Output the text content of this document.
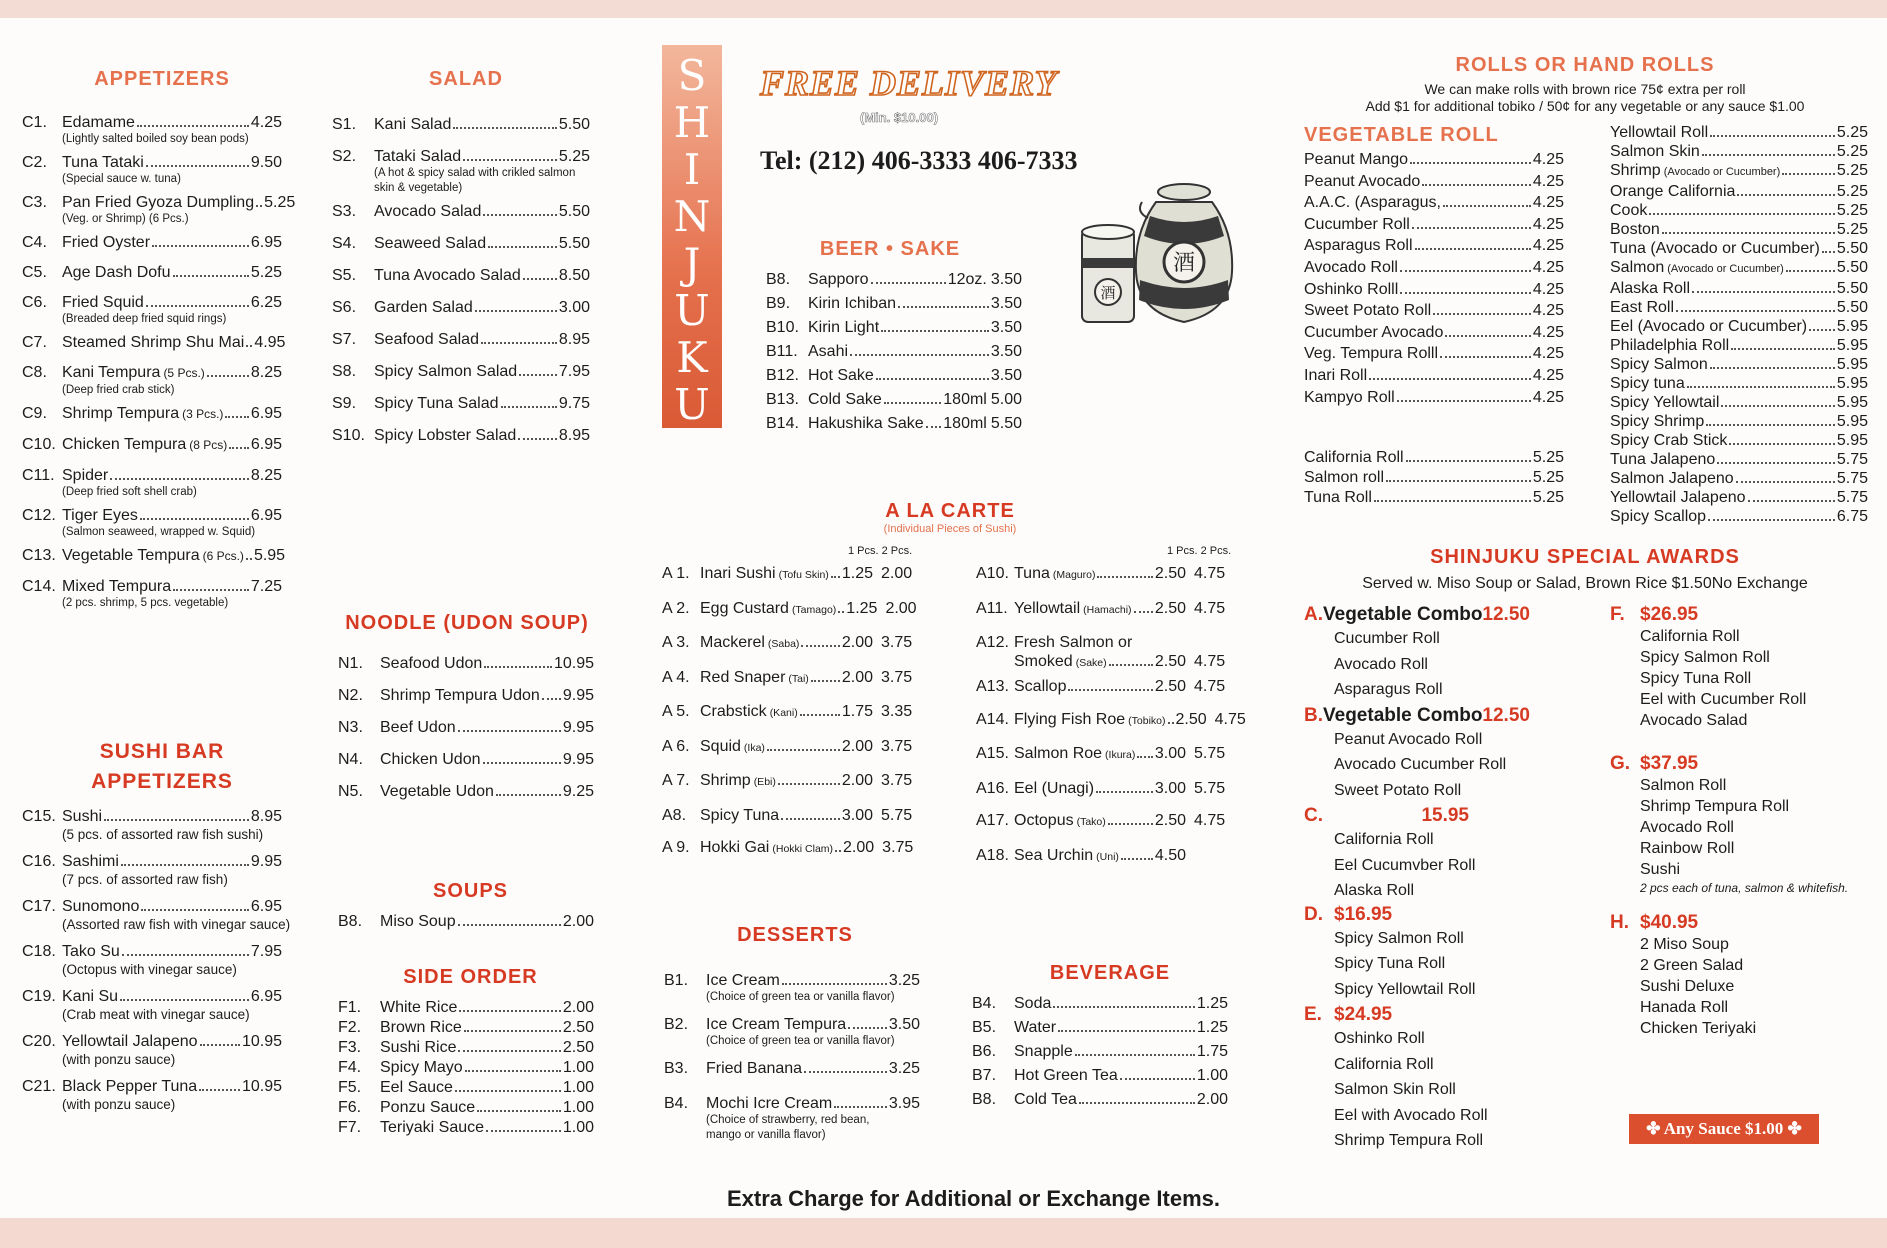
APPETIZERS
C1. Edamame	4.25
(Lightly salted boiled soy bean pods)
C2. Tuna Tataki	9.50
(Special sauce w. tuna)
C3. Pan Fried Gyoza Dumpling 5.25
(Veg. or Shrimp) (6 Pcs.)
C4. Fried Oyster	6.95
C5. Age Dash Dofu	5.25
C6. Fried Squid	6.25
(Breaded deep fried squid rings)
C7. Steamed Shrimp Shu Mai 4.95
C8. Kani Tempura (5 Pcs.)	8.25
(Deep fried crab stick)
C9. Shrimp Tempura (3 Pcs.) 6.95
C10. Chicken Tempura (8 Pcs) 6.95
C11. Spider	8.25
(Deep fried soft shell crab)
C12. Tiger Eyes	6.95
(Salmon seaweed, wrapped w. Squid)
C13. Vegetable Tempura (6 Pcs.) 5.95
C14. Mixed Tempura	7.25
(2 pcs. shrimp, 5 pcs. vegetable)
SUSHI BAR
APPETIZERS
C15. Sushi	8.95
(5 pcs. of assorted raw fish sushi)
C16. Sashimi	9.95
(7 pcs. of assorted raw fish)
C17. Sunomono	6.95
(Assorted raw fish with vinegar sauce)
C18. Tako Su	7.95
(Octopus with vinegar sauce)
C19. Kani Su	6.95
(Crab meat with vinegar sauce)
C20. Yellowtail Jalapeno	10.95
(with ponzu sauce)
C21. Black Pepper Tuna	10.95
(with ponzu sauce)
SALAD
S1.	Kani Salad	5.50
S2.	Tataki Salad	5.25
(A hot & spicy salad with crikled salmon
skin & vegetable)
S3.	Avocado Salad	5.50
S4.	Seaweed Salad	5.50
S5.	Tuna Avocado Salad 8.50
S6.	Garden Salad	3.00
S7.	Seafood Salad	8.95
S8.	Spicy Salmon Salad	7.95
S9.	Spicy Tuna Salad	9.75
S10. Spicy Lobster Salad	8.95
NOODLE (UDON SOUP)
N1.	Seafood Udon	10.95
N2.	Shrimp Tempura Udon 9.95
N3.	Beef Udon	9.95
N4.	Chicken Udon	9.95
N5.	Vegetable Udon	9.25
SOUPS
B8.	Miso Soup	2.00
SIDE ORDER
F1.	White Rice	2.00
F2.	Brown Rice	2.50
F3.	Sushi Rice	2.50
F4.	Spicy Mayo	1.00
F5.	Eel Sauce	1.00
F6.	Ponzu Sauce	1.00
F7.	Teriyaki Sauce	1.00
S
H
I
N
J
U
K
U
FREE DELIVERY
(Min. $10.00)
Tel: (212) 406-3333 406-7333
酒
酒
BEER • SAKE
B8.	Sapporo	12oz. 3.50
B9.	Kirin Ichiban	3.50
B10. Kirin Light	3.50
B11. Asahi	3.50
B12. Hot Sake	3.50
B13. Cold Sake	180ml 5.00
B14. Hakushika Sake 180ml 5.50
A LA CARTE
(Individual Pieces of Sushi)
1 Pcs. 2 Pcs.	1 Pcs. 2 Pcs.
A 1. Inari Sushi (Tofu Skin) 1.25 2.00
A 2. Egg Custard (Tamago) 1.25 2.00
A 3. Mackerel (Saba)	2.00 3.75
A 4. Red Snaper (Tai) 2.00 3.75
A 5. Crabstick (Kani)	1.75 3.35
A 6. Squid (Ika)	2.00 3.75
A 7. Shrimp (Ebi)	2.00 3.75
A8. Spicy Tuna	3.00 5.75
A 9. Hokki Gai (Hokki Clam) 2.00 3.75
A10. Tuna (Maguro)	2.50 4.75
A11. Yellowtail (Hamachi) 2.50 4.75
A12. Fresh Salmon or
Smoked (Sake)	2.50 4.75
A13. Scallop	2.50 4.75
A14. Flying Fish Roe (Tobiko) 2.50 4.75
A15. Salmon Roe (Ikura) 3.00 5.75
A16. Eel (Unagi)	3.00 5.75
A17. Octopus (Tako)	2.50 4.75
A18. Sea Urchin (Uni) 4.50
DESSERTS
B1.	Ice Cream	3.25
(Choice of green tea or vanilla flavor)
B2.	Ice Cream Tempura	3.50
(Choice of green tea or vanilla flavor)
B3.	Fried Banana	3.25
B4.	Mochi Icre Cream	3.95
(Choice of strawberry, red bean,
mango or vanilla flavor)
BEVERAGE
B4.	Soda	1.25
B5.	Water	1.25
B6.	Snapple	1.75
B7.	Hot Green Tea	1.00
B8.	Cold Tea	2.00
ROLLS OR HAND ROLLS
We can make rolls with brown rice 75¢ extra per roll
Add $1 for additional tobiko / 50¢ for any vegetable or any sauce $1.00
VEGETABLE ROLL
Peanut Mango	4.25
Peanut Avocado	4.25
A.A.C. (Asparagus,	4.25
Cucumber Roll	4.25
Asparagus Roll	4.25
Avocado Roll	4.25
Oshinko Rolll	4.25
Sweet Potato Roll	4.25
Cucumber Avocado	4.25
Veg. Tempura Rolll	4.25
Inari Roll	4.25
Kampyo Roll	4.25
California Roll	5.25
Salmon roll	5.25
Tuna Roll	5.25
Yellowtail Roll	5.25
Salmon Skin	5.25
Shrimp (Avocado or Cucumber)	5.25
Orange California	5.25
Cook	5.25
Boston	5.25
Tuna (Avocado or Cucumber) 5.50
Salmon (Avocado or Cucumber)	5.50
Alaska Roll	5.50
East Roll	5.50
Eel (Avocado or Cucumber) 5.95
Philadelphia Roll	5.95
Spicy Salmon	5.95
Spicy tuna	5.95
Spicy Yellowtail	5.95
Spicy Shrimp	5.95
Spicy Crab Stick	5.95
Tuna Jalapeno	5.75
Salmon Jalapeno	5.75
Yellowtail Jalapeno	5.75
Spicy Scallop	6.75
SHINJUKU SPECIAL AWARDS
Served w. Miso Soup or Salad, Brown Rice $1.50No Exchange
A. Vegetable Combo 12.50
Cucumber Roll
Avocado Roll
Asparagus Roll
B. Vegetable Combo 12.50
Peanut Avocado Roll
Avocado Cucumber Roll
Sweet Potato Roll
C.	15.95
California Roll
Eel Cucumvber Roll
Alaska Roll
D. $16.95
Spicy Salmon Roll
Spicy Tuna Roll
Spicy Yellowtail Roll
E. $24.95
Oshinko Roll
California Roll
Salmon Skin Roll
Eel with Avocado Roll
Shrimp Tempura Roll
F. $26.95
California Roll
Spicy Salmon Roll
Spicy Tuna Roll
Eel with Cucumber Roll
Avocado Salad
G. $37.95
Salmon Roll
Shrimp Tempura Roll
Avocado Roll
Rainbow Roll
Sushi
2 pcs each of tuna, salmon & whitefish.
H. $40.95
2 Miso Soup
2 Green Salad
Sushi Deluxe
Hanada Roll
Chicken Teriyaki
✤ Any Sauce $1.00 ✤
Extra Charge for Additional or Exchange Items.
